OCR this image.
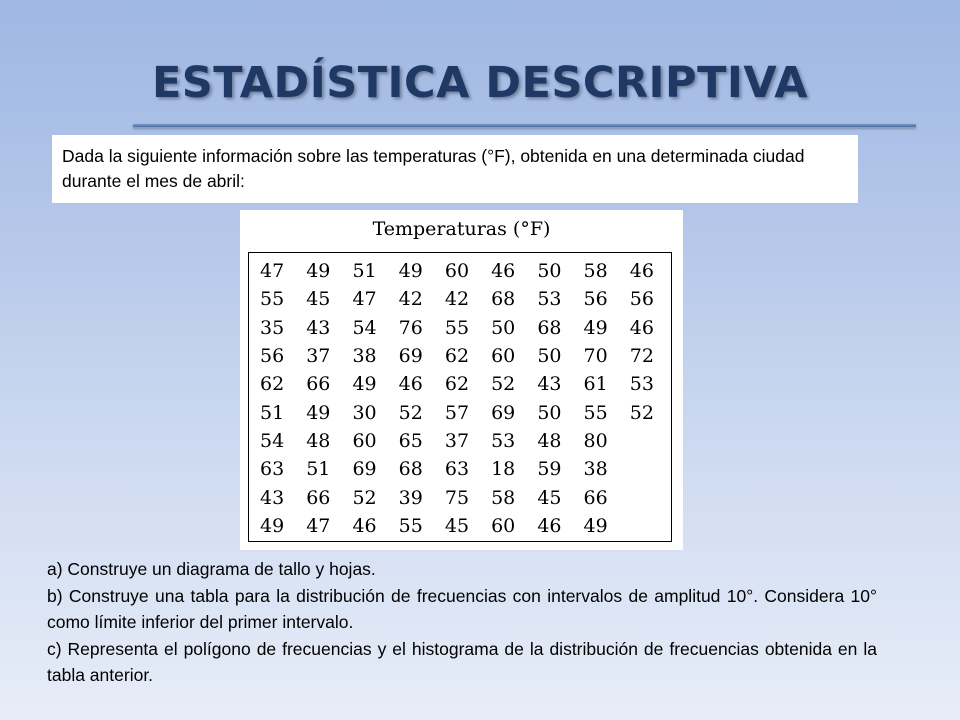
ESTADÍSTICA DESCRIPTIVA
Dada la siguiente información sobre las temperaturas (°F), obtenida en una determinada ciudad durante el mes de abril:
Temperaturas (°F)
47	49	51	49	60	46	50	58	46
55	45	47	42	42	68	53	56	56
35	43	54	76	55	50	68	49	46
56	37	38	69	62	60	50	70	72
62	66	49	46	62	52	43	61	53
51	49	30	52	57	69	50	55	52
54	48	60	65	37	53	48	80	
63	51	69	68	63	18	59	38	
43	66	52	39	75	58	45	66	
49	47	46	55	45	60	46	49	
a) Construye un diagrama de tallo y hojas.
b) Construye una tabla para la distribución de frecuencias con intervalos de amplitud 10°. Considera 10° como límite inferior del primer intervalo.
c) Representa el polígono de frecuencias y el histograma de la distribución de frecuencias obtenida en la tabla anterior.
